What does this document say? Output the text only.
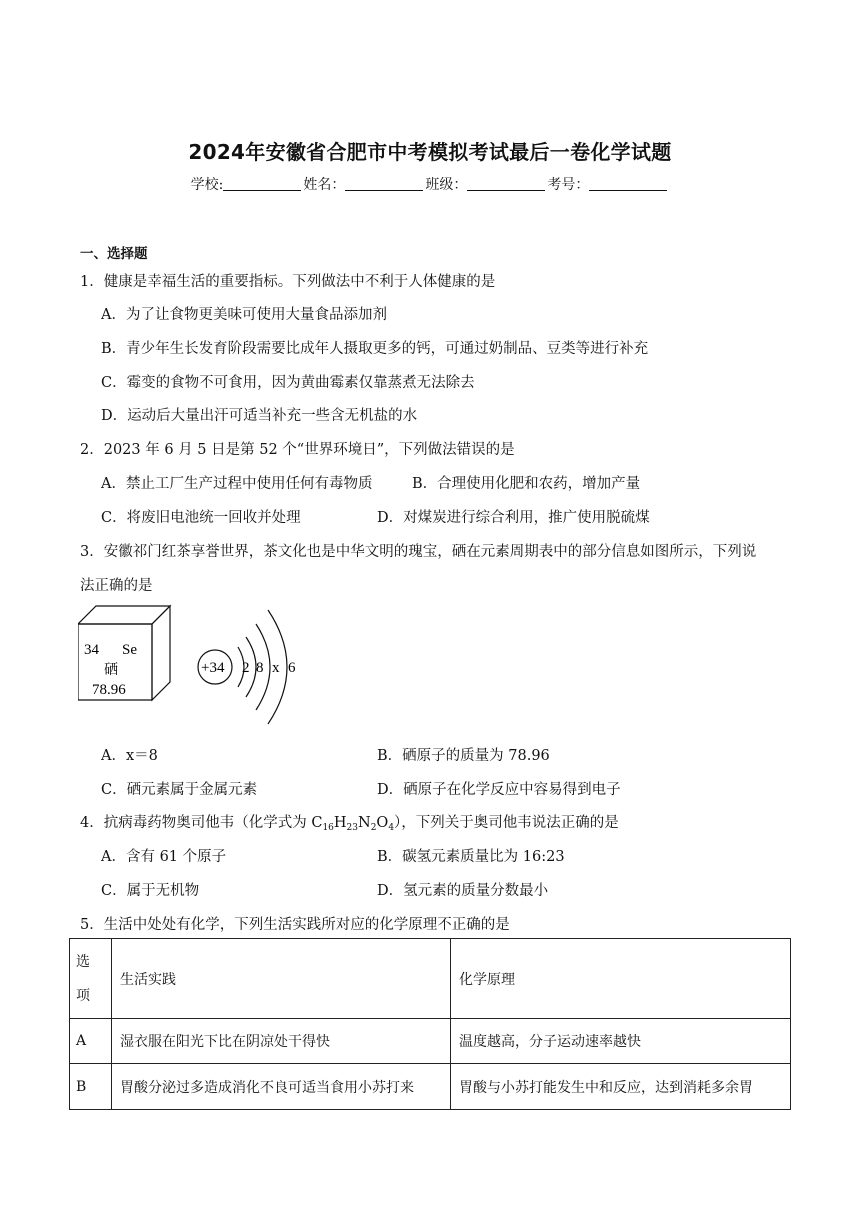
2024年安徽省合肥市中考模拟考试最后一卷化学试题
学校:	姓名：	班级：	考号：
一、选择题
1．健康是幸福生活的重要指标。下列做法中不利于人体健康的是
A．为了让食物更美味可使用大量食品添加剂
B．青少年生长发育阶段需要比成年人摄取更多的钙，可通过奶制品、豆类等进行补充
C．霉变的食物不可食用，因为黄曲霉素仅靠蒸煮无法除去
D．运动后大量出汗可适当补充一些含无机盐的水
2．2023 年 6 月 5 日是第 52 个“世界环境日”，下列做法错误的是
A．禁止工厂生产过程中使用任何有毒物质	B．合理使用化肥和农药，增加产量
C．将废旧电池统一回收并处理	D．对煤炭进行综合利用，推广使用脱硫煤
3．安徽祁门红茶享誉世界，茶文化也是中华文明的瑰宝，硒在元素周期表中的部分信息如图所示，下列说
法正确的是
34 Se
硒
78.96
+34 2 8 x 6
A．x＝8	B．硒原子的质量为 78.96
C．硒元素属于金属元素	D．硒原子在化学反应中容易得到电子
4．抗病毒药物奥司他韦（化学式为 $C_{16}H_{23}N_2O_4$），下列关于奥司他韦说法正确的是
A．含有 61 个原子	B．碳氢元素质量比为 16:23
C．属于无机物	D．氢元素的质量分数最小
5．生活中处处有化学，下列生活实践所对应的化学原理不正确的是
选
项	生活实践	化学原理
A	湿衣服在阳光下比在阴凉处干得快	温度越高，分子运动速率越快
B	胃酸分泌过多造成消化不良可适当食用小苏打来	胃酸与小苏打能发生中和反应，达到消耗多余胃
